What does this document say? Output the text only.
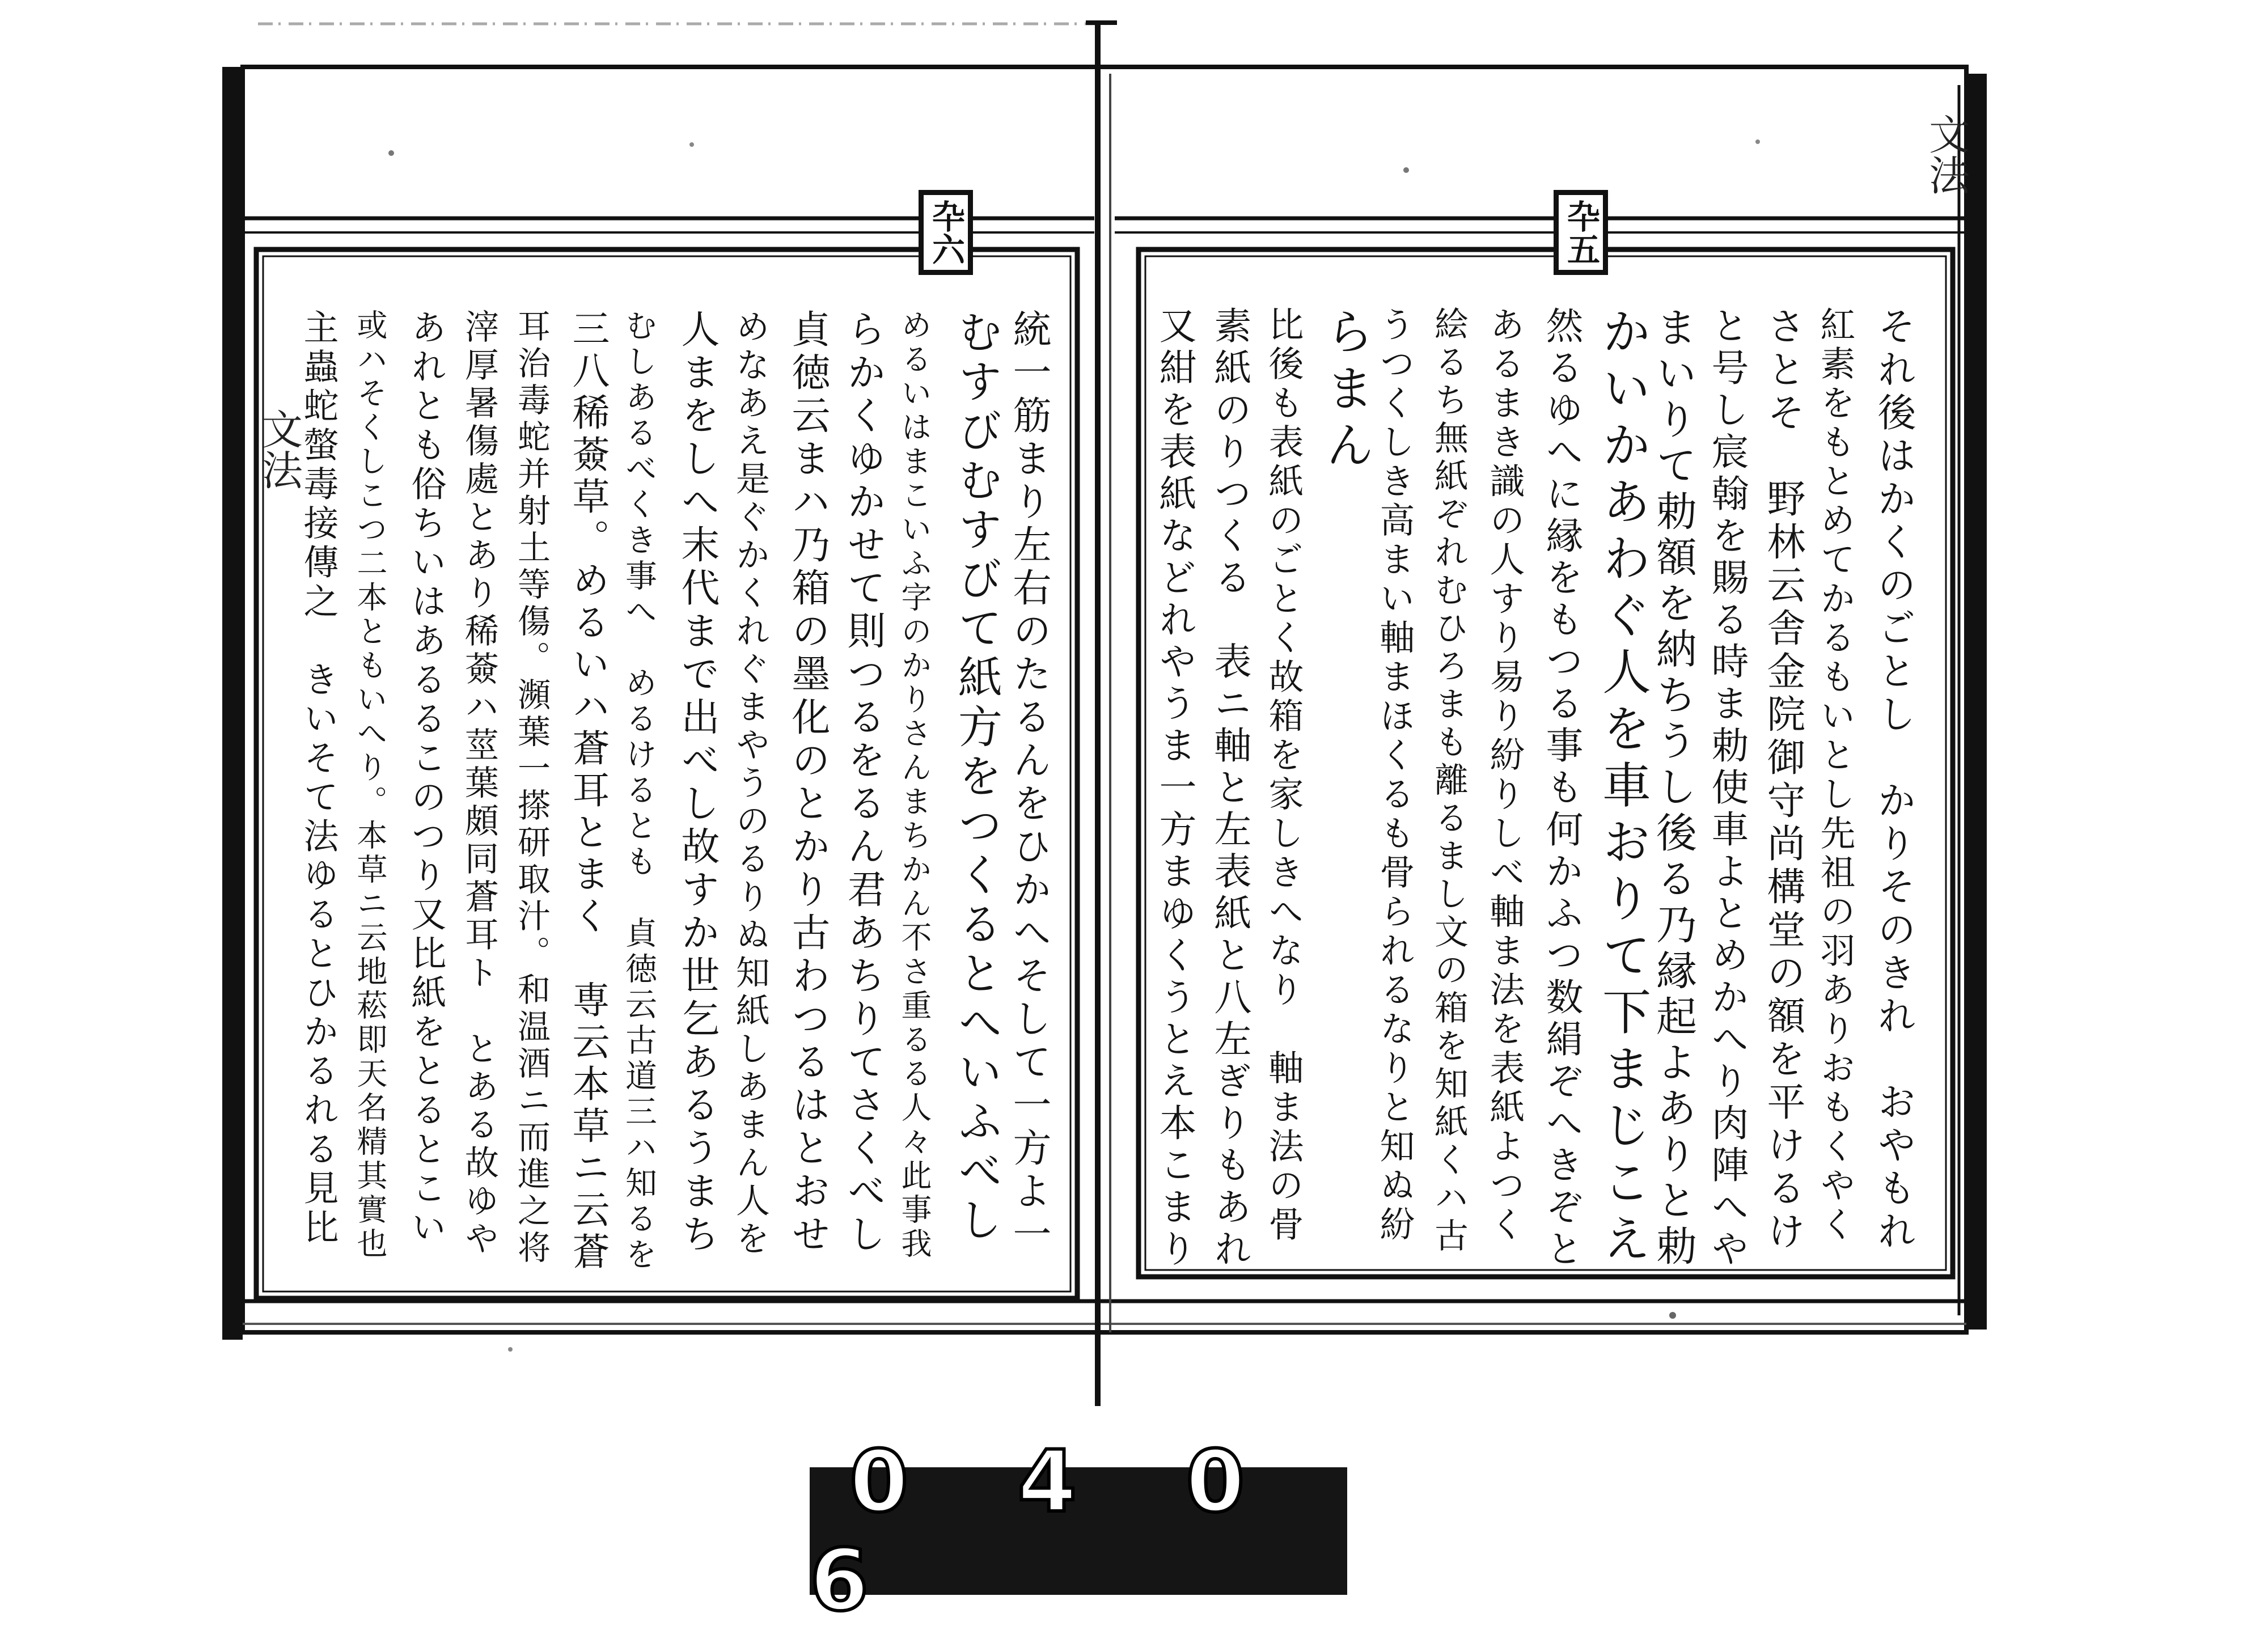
卆六	卆五
文法
文法
それ後はかくのごとし　かりそのきれ　おやもれ
紅素をもとめてかるもいとし先祖の羽ありおもくやく
さとそ　野林云舎金院御守尚構堂の額を平けるけ
と号し宸翰を賜る時ま勅使車よとめかへり肉陣へや
まいりて勅額を納ちうし後る乃縁起よありと勅
かいかあわぐ人を車おりて下まじこえ
然るゆへに縁をもつる事も何かふつ数絹ぞへきぞと
あるまき識の人すり易り紛りしべ軸ま法を表紙よつく
絵るち無紙ぞれむひろまも離るまし文の箱を知紙くハ古
うつくしき高まい軸まほくるも骨られるなりと知ぬ紛
らまん
比後も表紙のごとく故箱を家しきへなり　軸ま法の骨
素紙のりつくる　表ニ軸と左表紙と八左ぎりもあれ
又紺を表紙などれやうま一方まゆくうとえ本こまり
統一筋まり左右のたるんをひかへそして一方よ一
むすびむすびて紙方をつくるとへいふべし
めるいはまこいふ字のかりさんまちかん不さ重るる人々此事我
らかくゆかせて則つるをるん君あちりてさくべし
貞徳云まハ乃箱の墨化のとかり古わつるはとおせ
めなあえ是ぐかくれぐまやうのるりぬ知紙しあまん人を
人まをしへ末代まで出べし故すか世乞あるうまち
むしあるべくき事へ　めるけるとも　貞徳云古道三ハ知るを
三八稀薟草。めるいハ蒼耳とまく　専云本草ニ云蒼
耳治毒蛇并射土等傷。瀕葉一搽研取汁。和温酒ニ而進之将
滓厚暑傷處とあり稀薟ハ莖葉頗同蒼耳ト　とある故ゆや
あれとも俗ちいはあるるこのつり又比紙をとるとこい
或ハそくしこつ二本ともいへり。本草ニ云地菘即天名精其實也
主蟲蛇螫毒接傳之　きいそて法ゆるとひかるれる見比
0 4 0 6
